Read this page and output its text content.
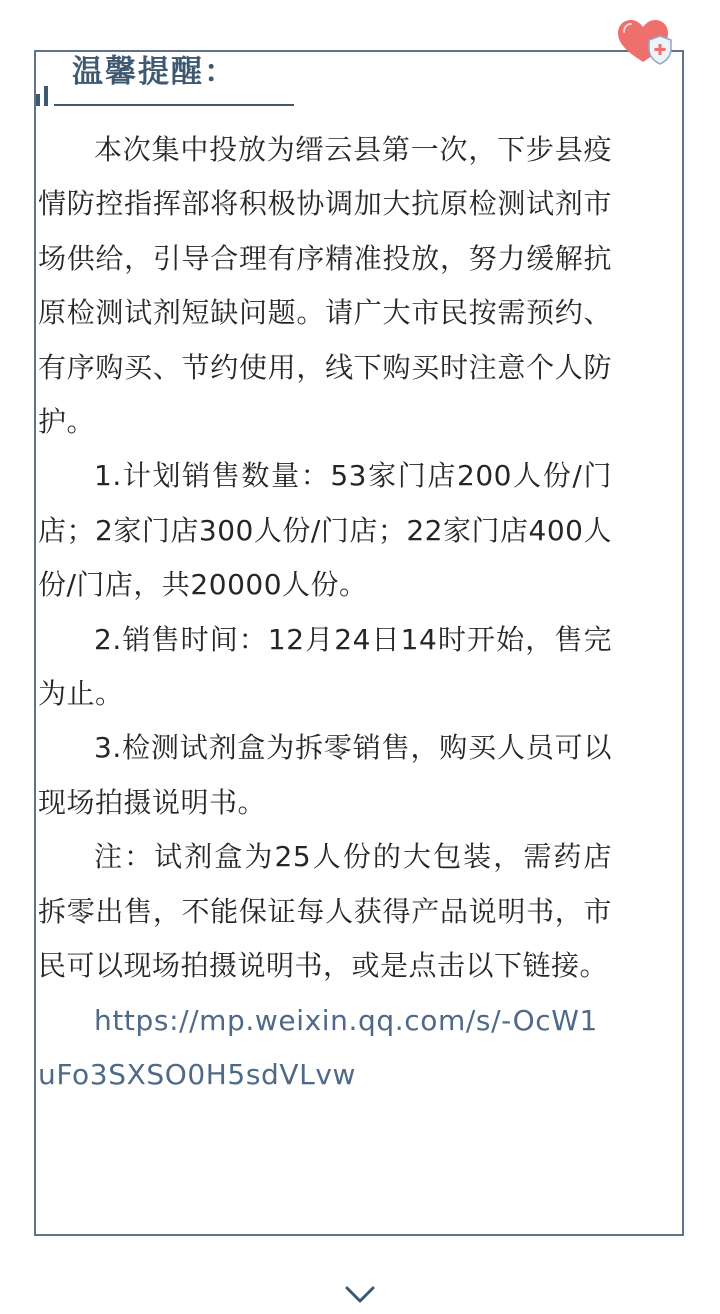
温馨提醒：

本次集中投放为缙云县第一次，下步县疫情防控指挥部将积极协调加大抗原检测试剂市场供给，引导合理有序精准投放，努力缓解抗原检测试剂短缺问题。请广大市民按需预约、有序购买、节约使用，线下购买时注意个人防护。

1.计划销售数量：53家门店200人份/门店；2家门店300人份/门店；22家门店400人份/门店，共20000人份。

2.销售时间：12月24日14时开始，售完为止。

3.检测试剂盒为拆零销售，购买人员可以现场拍摄说明书。

注：试剂盒为25人份的大包装，需药店拆零出售，不能保证每人获得产品说明书，市民可以现场拍摄说明书，或是点击以下链接。

https://mp.weixin.qq.com/s/-OcW1uFo3SXSO0H5sdVLvw
